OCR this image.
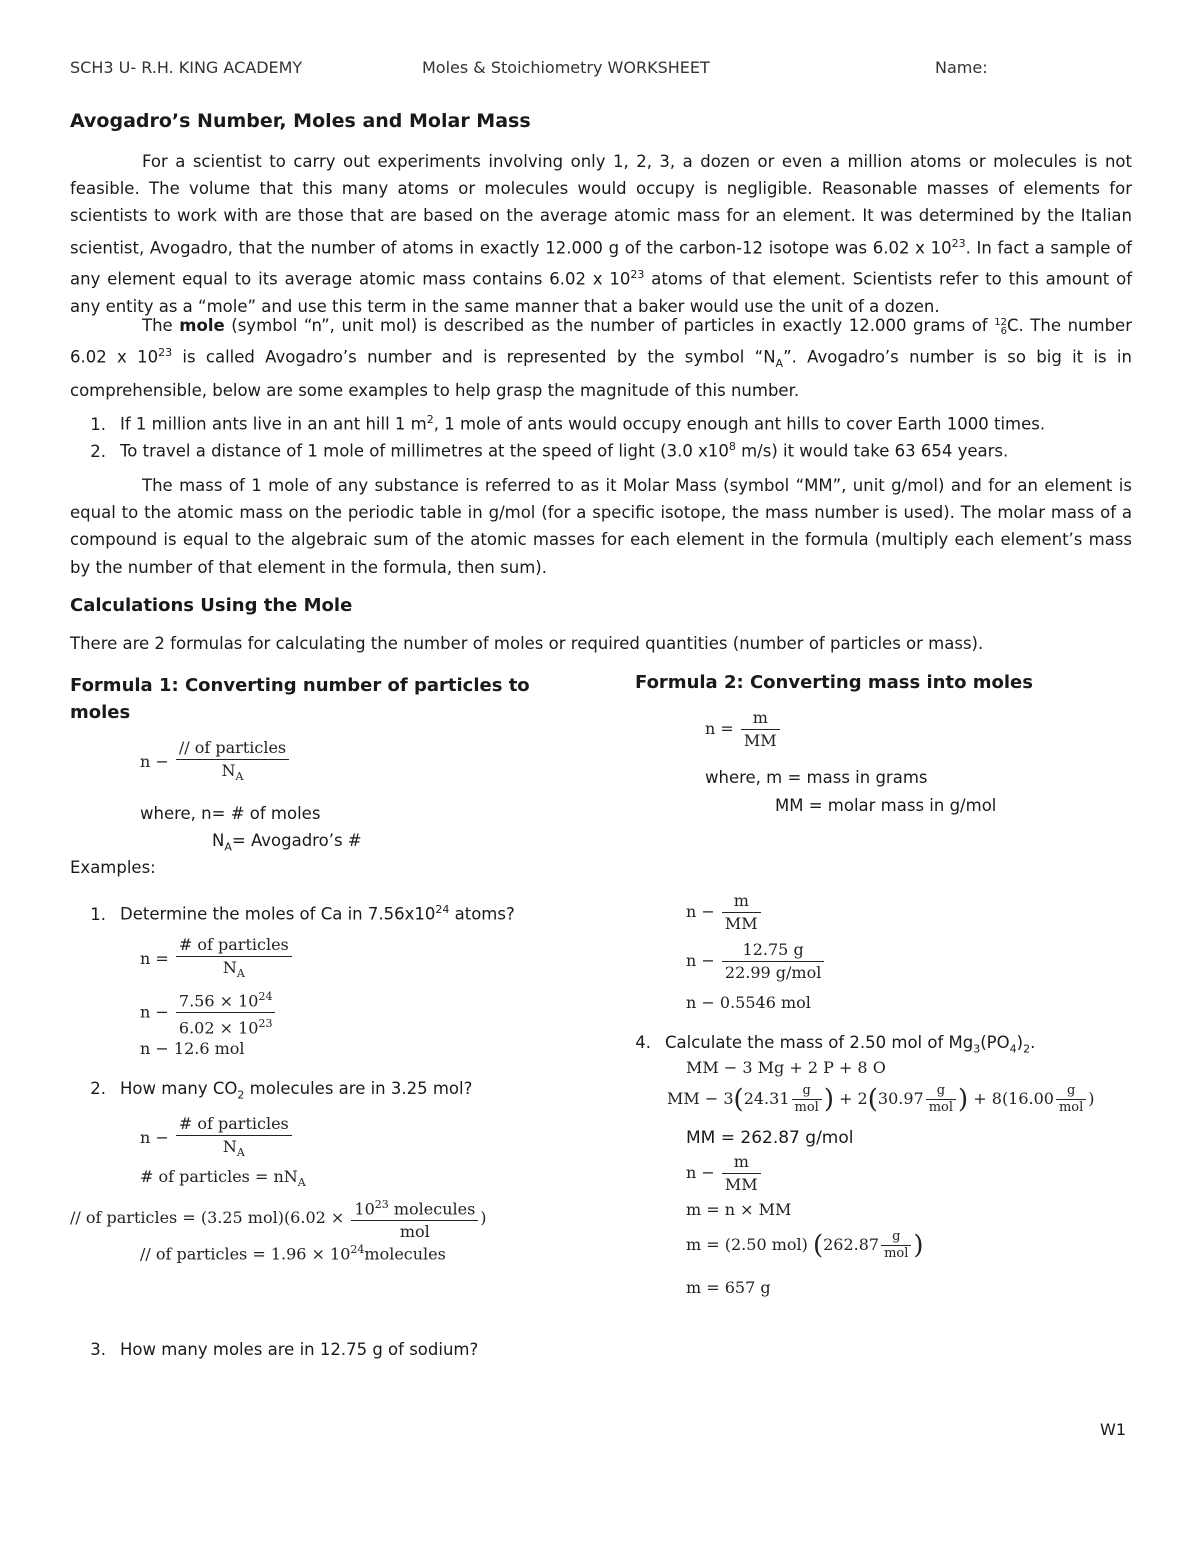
SCH3 U- R.H. KING ACADEMY	Moles & Stoichiometry WORKSHEET	Name:
Avogadro’s Number, Moles and Molar Mass
For a scientist to carry out experiments involving only 1, 2, 3, a dozen or even a million atoms or molecules is not feasible. The volume that this many atoms or molecules would occupy is negligible. Reasonable masses of elements for scientists to work with are those that are based on the average atomic mass for an element. It was determined by the Italian scientist, Avogadro, that the number of atoms in exactly 12.000 g of the carbon-12 isotope was 6.02 x $10^{23}$. In fact a sample of any element equal to its average atomic mass contains 6.02 x $10^{23}$ atoms of that element. Scientists refer to this amount of any entity as a “mole” and use this term in the same manner that a baker would use the unit of a dozen.
The mole (symbol “n”, unit mol) is described as the number of particles in exactly 12.000 grams of 12
6 C. The number 6.02 x $10^{23}$ is called Avogadro’s number and is represented by the symbol “$N_A$”. Avogadro’s number is so big it is in comprehensible, below are some examples to help grasp the magnitude of this number.
1. If 1 million ants live in an ant hill 1 $m^2$, 1 mole of ants would occupy enough ant hills to cover Earth 1000 times.
2. To travel a distance of 1 mole of millimetres at the speed of light (3.0 $x10^8$ m/s) it would take 63 654 years.
The mass of 1 mole of any substance is referred to as it Molar Mass (symbol “MM”, unit g/mol) and for an element is equal to the atomic mass on the periodic table in g/mol (for a specific isotope, the mass number is used). The molar mass of a compound is equal to the algebraic sum of the atomic masses for each element in the formula (multiply each element’s mass by the number of that element in the formula, then sum).
Calculations Using the Mole
There are 2 formulas for calculating the number of moles or required quantities (number of particles or mass).
Formula 1: Converting number of particles to
moles
Formula 2: Converting mass into moles
$n - \frac{\text{// of particles}}{N_A}$
where, n= # of moles
$N_A=$ Avogadro’s #
$n = \frac{m}{MM}$
where, m = mass in grams
MM = molar mass in g/mol
Examples:
1. Determine the moles of Ca in $7.56x10^{24}$ atoms?
$n = \frac{\text{\# of particles}}{N_A}$
$n - \frac{7.56 \times 10^{24}}{6.02 \times 10^{23}}$
n − 12.6 mol
2. How many $CO_2$ molecules are in 3.25 mol?
$n - \frac{\text{\# of particles}}{N_A}$
# of particles = $nN_A$
// of particles = (3.25 $mol)(6.02 \times \frac{10^{23} molecules}{\text{mol}}$ )
// of particles = $1.96 \times 10^{24}molecules$
3. How many moles are in 12.75 g of sodium?
$n - \frac{m}{MM}$
$n - \frac{12.75 g}{\text{22.99 g/mol}}$
n − 0.5546 mol
4. Calculate the mass of 2.50 mol of $Mg_3(PO_4)_2$.
MM − 3 Mg + 2 P + 8 O
MM − $3(24.31 \frac{g}{\text{mol}}$ ) + $2(30.97 \frac{g}{\text{mol}}$ ) + $8(16.00 \frac{g}{\text{mol}}$ )
MM = 262.87 g/mol
$n - \frac{m}{MM}$
m = n × MM
m = (2.50 mol) ($262.87 \frac{g}{\text{mol}}$ )
m = 657 g
W1
